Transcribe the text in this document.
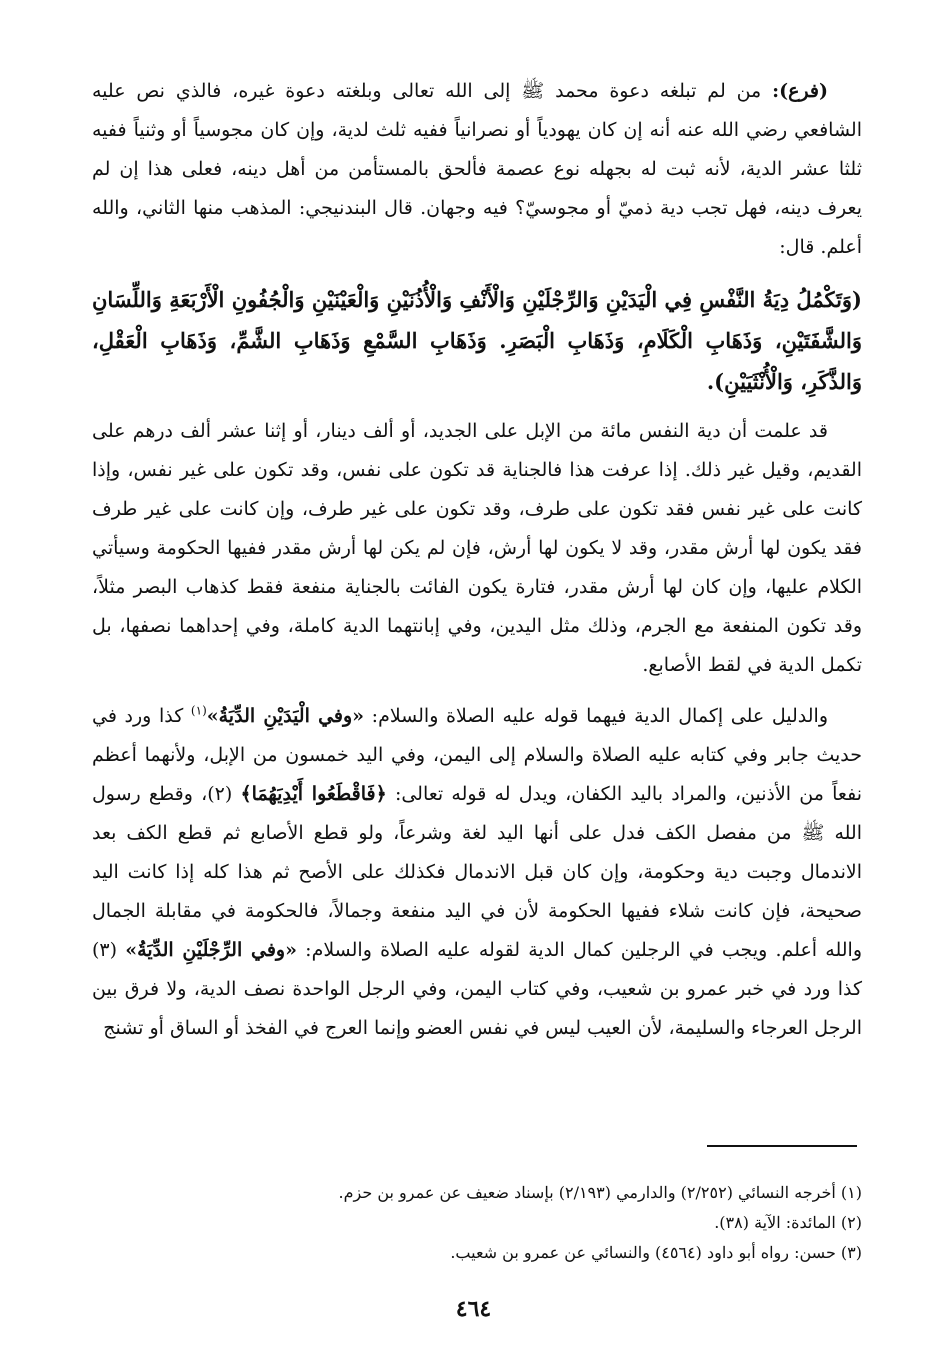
(فرع): من لم تبلغه دعوة محمد ﷺ إلى الله تعالى وبلغته دعوة غيره، فالذي نص عليه الشافعي رضي الله عنه أنه إن كان يهودياً أو نصرانياً ففيه ثلث لدية، وإن كان مجوسياً أو وثنياً ففيه ثلثا عشر الدية، لأنه ثبت له بجهله نوع عصمة فألحق بالمستأمن من أهل دينه، فعلى هذا إن لم يعرف دينه، فهل تجب دية ذميّ أو مجوسيّ؟ فيه وجهان. قال البندنيجي: المذهب منها الثاني، والله أعلم. قال:

(وَتَكْمُلُ دِيَةُ النَّفْسِ فِي الْيَدَيْنِ وَالرِّجْلَيْنِ وَالْأَنْفِ وَالْأُذُنَيْنِ وَالْعَيْنَيْنِ وَالْجُفُونِ الْأَرْبَعَةِ وَاللِّسَانِ وَالشَّفَتَيْنِ، وَذَهَابِ الْكَلَامِ، وَذَهَابِ الْبَصَرِ. وَذَهَابِ السَّمْعِ وَذَهَابِ الشَّمِّ، وَذَهَابِ الْعَقْلِ، وَالذَّكَرِ، وَالْأُنْثَيَيْنِ).

قد علمت أن دية النفس مائة من الإبل على الجديد، أو ألف دينار، أو إثنا عشر ألف درهم على القديم، وقيل غير ذلك. إذا عرفت هذا فالجناية قد تكون على نفس، وقد تكون على غير نفس، وإذا كانت على غير نفس فقد تكون على طرف، وقد تكون على غير طرف، وإن كانت على غير طرف فقد يكون لها أرش مقدر، وقد لا يكون لها أرش، فإن لم يكن لها أرش مقدر ففيها الحكومة وسيأتي الكلام عليها، وإن كان لها أرش مقدر، فتارة يكون الفائت بالجناية منفعة فقط كذهاب البصر مثلاً، وقد تكون المنفعة مع الجرم، وذلك مثل اليدين، وفي إبانتهما الدية كاملة، وفي إحداهما نصفها، بل تكمل الدية في لقط الأصابع.

والدليل على إكمال الدية فيهما قوله عليه الصلاة والسلام: «وفي الْيَدَيْنِ الدِّيَةُ»$^{(١)}$ كذا ورد في حديث جابر وفي كتابه عليه الصلاة والسلام إلى اليمن، وفي اليد خمسون من الإبل، ولأنهما أعظم نفعاً من الأذنين، والمراد باليد الكفان، ويدل له قوله تعالى: ﴿فَاقْطَعُوا أَيْدِيَهُمَا﴾ (٢)، وقطع رسول الله ﷺ من مفصل الكف فدل على أنها اليد لغة وشرعاً، ولو قطع الأصابع ثم قطع الكف بعد الاندمال وجبت دية وحكومة، وإن كان قبل الاندمال فكذلك على الأصح ثم هذا كله إذا كانت اليد صحيحة، فإن كانت شلاء ففيها الحكومة لأن في اليد منفعة وجمالاً، فالحكومة في مقابلة الجمال والله أعلم. ويجب في الرجلين كمال الدية لقوله عليه الصلاة والسلام: «وفي الرِّجْلَيْنِ الدِّيَةُ» (٣) كذا ورد في خبر عمرو بن شعيب، وفي كتاب اليمن، وفي الرجل الواحدة نصف الدية، ولا فرق بين الرجل العرجاء والسليمة، لأن العيب ليس في نفس العضو وإنما العرج في الفخذ أو الساق أو تشنج

(١) أخرجه النسائي (٢/٢٥٢) والدارمي (٢/١٩٣) بإسناد ضعيف عن عمرو بن حزم.
(٢) المائدة: الآية (٣٨).
(٣) حسن: رواه أبو داود (٤٥٦٤) والنسائي عن عمرو بن شعيب.
٤٦٤
